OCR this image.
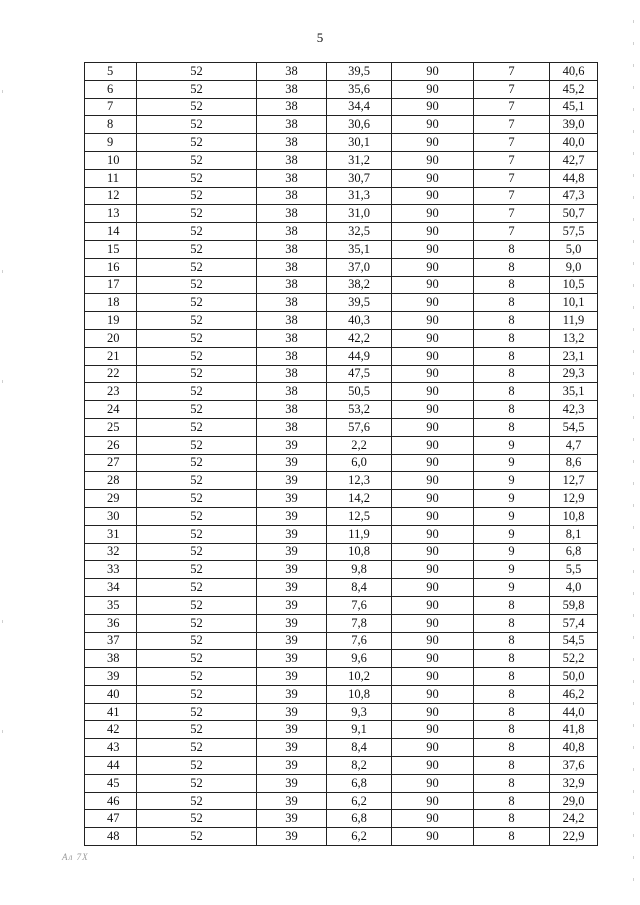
5
5	52	38	39,5	90	7	40,6
6	52	38	35,6	90	7	45,2
7	52	38	34,4	90	7	45,1
8	52	38	30,6	90	7	39,0
9	52	38	30,1	90	7	40,0
10	52	38	31,2	90	7	42,7
11	52	38	30,7	90	7	44,8
12	52	38	31,3	90	7	47,3
13	52	38	31,0	90	7	50,7
14	52	38	32,5	90	7	57,5
15	52	38	35,1	90	8	5,0
16	52	38	37,0	90	8	9,0
17	52	38	38,2	90	8	10,5
18	52	38	39,5	90	8	10,1
19	52	38	40,3	90	8	11,9
20	52	38	42,2	90	8	13,2
21	52	38	44,9	90	8	23,1
22	52	38	47,5	90	8	29,3
23	52	38	50,5	90	8	35,1
24	52	38	53,2	90	8	42,3
25	52	38	57,6	90	8	54,5
26	52	39	2,2	90	9	4,7
27	52	39	6,0	90	9	8,6
28	52	39	12,3	90	9	12,7
29	52	39	14,2	90	9	12,9
30	52	39	12,5	90	9	10,8
31	52	39	11,9	90	9	8,1
32	52	39	10,8	90	9	6,8
33	52	39	9,8	90	9	5,5
34	52	39	8,4	90	9	4,0
35	52	39	7,6	90	8	59,8
36	52	39	7,8	90	8	57,4
37	52	39	7,6	90	8	54,5
38	52	39	9,6	90	8	52,2
39	52	39	10,2	90	8	50,0
40	52	39	10,8	90	8	46,2
41	52	39	9,3	90	8	44,0
42	52	39	9,1	90	8	41,8
43	52	39	8,4	90	8	40,8
44	52	39	8,2	90	8	37,6
45	52	39	6,8	90	8	32,9
46	52	39	6,2	90	8	29,0
47	52	39	6,8	90	8	24,2
48	52	39	6,2	90	8	22,9
Ал 7Х
